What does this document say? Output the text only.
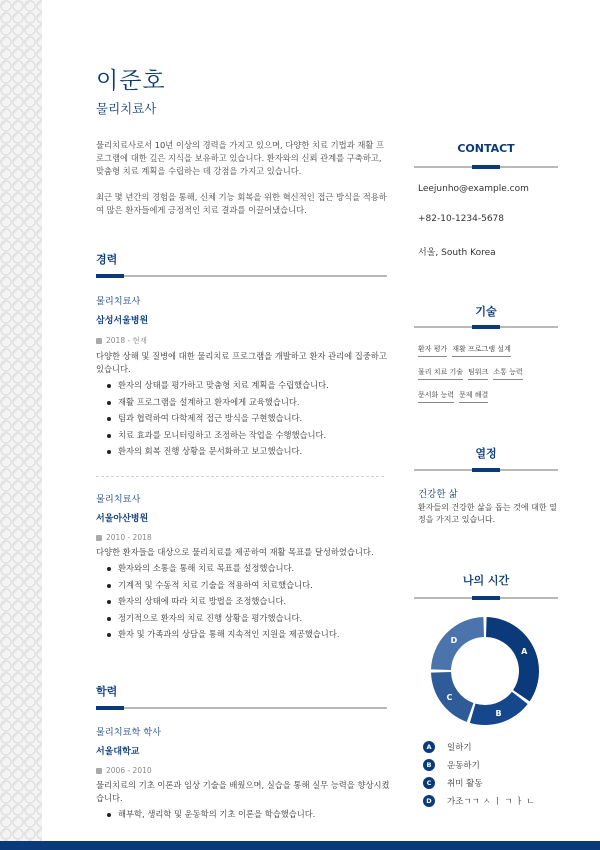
이준호
물리치료사

물리치료사로서 10년 이상의 경력을 가지고 있으며, 다양한 치료 기법과 재활 프로그램에 대한 깊은 지식을 보유하고 있습니다. 환자와의 신뢰 관계를 구축하고, 맞춤형 치료 계획을 수립하는 데 강점을 가지고 있습니다.

최근 몇 년간의 경험을 통해, 신체 기능 회복을 위한 혁신적인 접근 방식을 적용하여 많은 환자들에게 긍정적인 치료 결과를 이끌어냈습니다.

경력
물리치료사
삼성서울병원
2018 - 현재
다양한 상해 및 질병에 대한 물리치료 프로그램을 개발하고 환자 관리에 집중하고 있습니다.
환자의 상태를 평가하고 맞춤형 치료 계획을 수립했습니다.
재활 프로그램을 설계하고 환자에게 교육했습니다.
팀과 협력하여 다학제적 접근 방식을 구현했습니다.
치료 효과를 모니터링하고 조정하는 작업을 수행했습니다.
환자의 회복 진행 상황을 문서화하고 보고했습니다.
물리치료사
서울아산병원
2010 - 2018
다양한 환자들을 대상으로 물리치료를 제공하여 재활 목표를 달성하였습니다.
환자와의 소통을 통해 치료 목표를 설정했습니다.
기계적 및 수동적 치료 기술을 적용하여 치료했습니다.
환자의 상태에 따라 치료 방법을 조정했습니다.
정기적으로 환자의 치료 진행 상황을 평가했습니다.
환자 및 가족과의 상담을 통해 지속적인 지원을 제공했습니다.
학력
물리치료학 학사
서울대학교
2006 - 2010
물리치료의 기초 이론과 임상 기술을 배웠으며, 실습을 통해 실무 능력을 향상시켰습니다.
해부학, 생리학 및 운동학의 기초 이론을 학습했습니다.
CONTACT
Leejunho@example.com
+82-10-1234-5678
서울, South Korea
기술
환자 평가 재활 프로그램 설계
물리 치료 기술 팀워크 소통 능력
문서화 능력 문제 해결
열정
건강한 삶
환자들의 건강한 삶을 돕는 것에 대한 열정을 가지고 있습니다.
나의 시간
A
B
C
D
A	일하기
B	운동하기
C	취미 활동
D	가조ㄱㄱ ㅅ ㅣ ㄱ ㅏ ㄴ
